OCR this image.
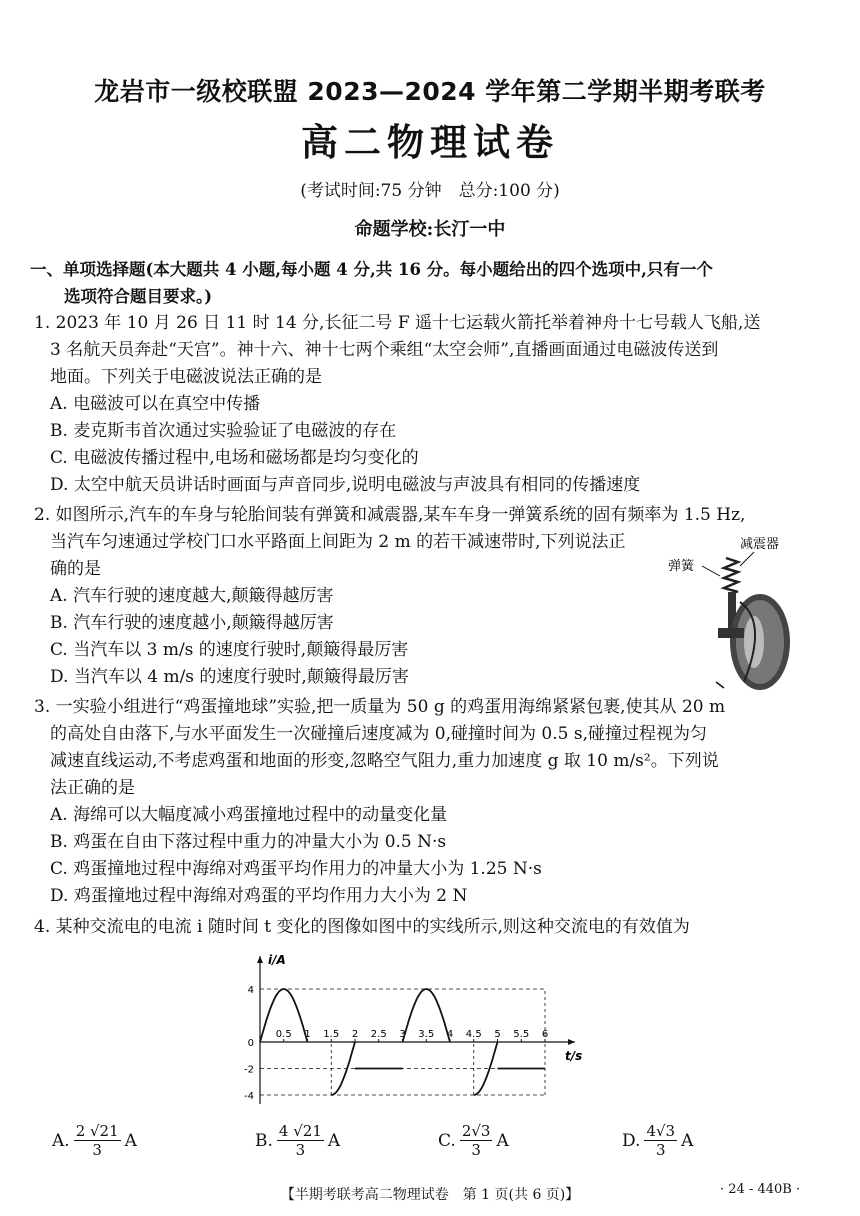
龙岩市一级校联盟 2023—2024 学年第二学期半期考联考
高二物理试卷
(考试时间:75 分钟　总分:100 分)
命题学校:长汀一中
一、单项选择题(本大题共 4 小题,每小题 4 分,共 16 分。每小题给出的四个选项中,只有一个
选项符合题目要求。)
1. 2023 年 10 月 26 日 11 时 14 分,长征二号 F 遥十七运载火箭托举着神舟十七号载人飞船,送
3 名航天员奔赴“天宫”。神十六、神十七两个乘组“太空会师”,直播画面通过电磁波传送到
地面。下列关于电磁波说法正确的是
A. 电磁波可以在真空中传播
B. 麦克斯韦首次通过实验验证了电磁波的存在
C. 电磁波传播过程中,电场和磁场都是均匀变化的
D. 太空中航天员讲话时画面与声音同步,说明电磁波与声波具有相同的传播速度
2. 如图所示,汽车的车身与轮胎间装有弹簧和减震器,某车车身一弹簧系统的固有频率为 1.5 Hz,
当汽车匀速通过学校门口水平路面上间距为 2 m 的若干减速带时,下列说法正
确的是
A. 汽车行驶的速度越大,颠簸得越厉害
B. 汽车行驶的速度越小,颠簸得越厉害
C. 当汽车以 3 m/s 的速度行驶时,颠簸得最厉害
D. 当汽车以 4 m/s 的速度行驶时,颠簸得最厉害
减震器
弹簧
3. 一实验小组进行“鸡蛋撞地球”实验,把一质量为 50 g 的鸡蛋用海绵紧紧包裹,使其从 20 m
的高处自由落下,与水平面发生一次碰撞后速度减为 0,碰撞时间为 0.5 s,碰撞过程视为匀
减速直线运动,不考虑鸡蛋和地面的形变,忽略空气阻力,重力加速度 g 取 10 m/s²。下列说
法正确的是
A. 海绵可以大幅度减小鸡蛋撞地过程中的动量变化量
B. 鸡蛋在自由下落过程中重力的冲量大小为 0.5 N·s
C. 鸡蛋撞地过程中海绵对鸡蛋平均作用力的冲量大小为 1.25 N·s
D. 鸡蛋撞地过程中海绵对鸡蛋的平均作用力大小为 2 N
4. 某种交流电的电流 i 随时间 t 变化的图像如图中的实线所示,则这种交流电的有效值为
i/A
t/s
4
0
-2
-4
0.5 1 1.5 2 2.5 3 3.5 4 4.5 5 5.5 6
A. $\frac{2 √21}{3}$ A	B. $\frac{4 √21}{3}$ A	C. $\frac{2√3}{3}$ A	D. $\frac{4√3}{3}$ A
【半期考联考高二物理试卷　第 1 页(共 6 页)】	· 24 - 440B ·
